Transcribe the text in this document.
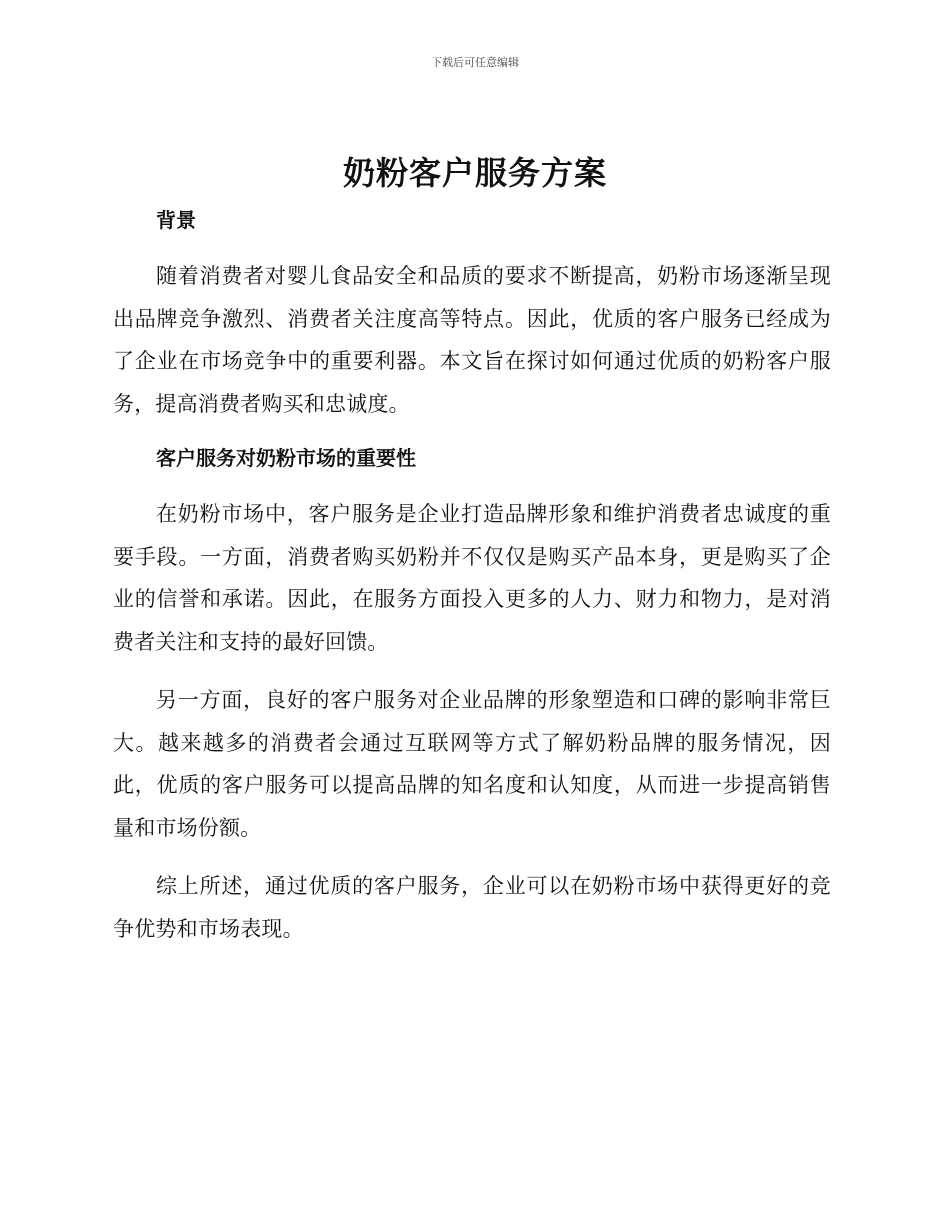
下载后可任意编辑
奶粉客户服务方案
背景

随着消费者对婴儿食品安全和品质的要求不断提高，奶粉市场逐渐呈现出品牌竞争激烈、消费者关注度高等特点。因此，优质的客户服务已经成为了企业在市场竞争中的重要利器。本文旨在探讨如何通过优质的奶粉客户服务，提高消费者购买和忠诚度。

客户服务对奶粉市场的重要性

在奶粉市场中，客户服务是企业打造品牌形象和维护消费者忠诚度的重要手段。一方面，消费者购买奶粉并不仅仅是购买产品本身，更是购买了企业的信誉和承诺。因此，在服务方面投入更多的人力、财力和物力，是对消费者关注和支持的最好回馈。

另一方面，良好的客户服务对企业品牌的形象塑造和口碑的影响非常巨大。越来越多的消费者会通过互联网等方式了解奶粉品牌的服务情况，因此，优质的客户服务可以提高品牌的知名度和认知度，从而进一步提高销售量和市场份额。

综上所述，通过优质的客户服务，企业可以在奶粉市场中获得更好的竞争优势和市场表现。
